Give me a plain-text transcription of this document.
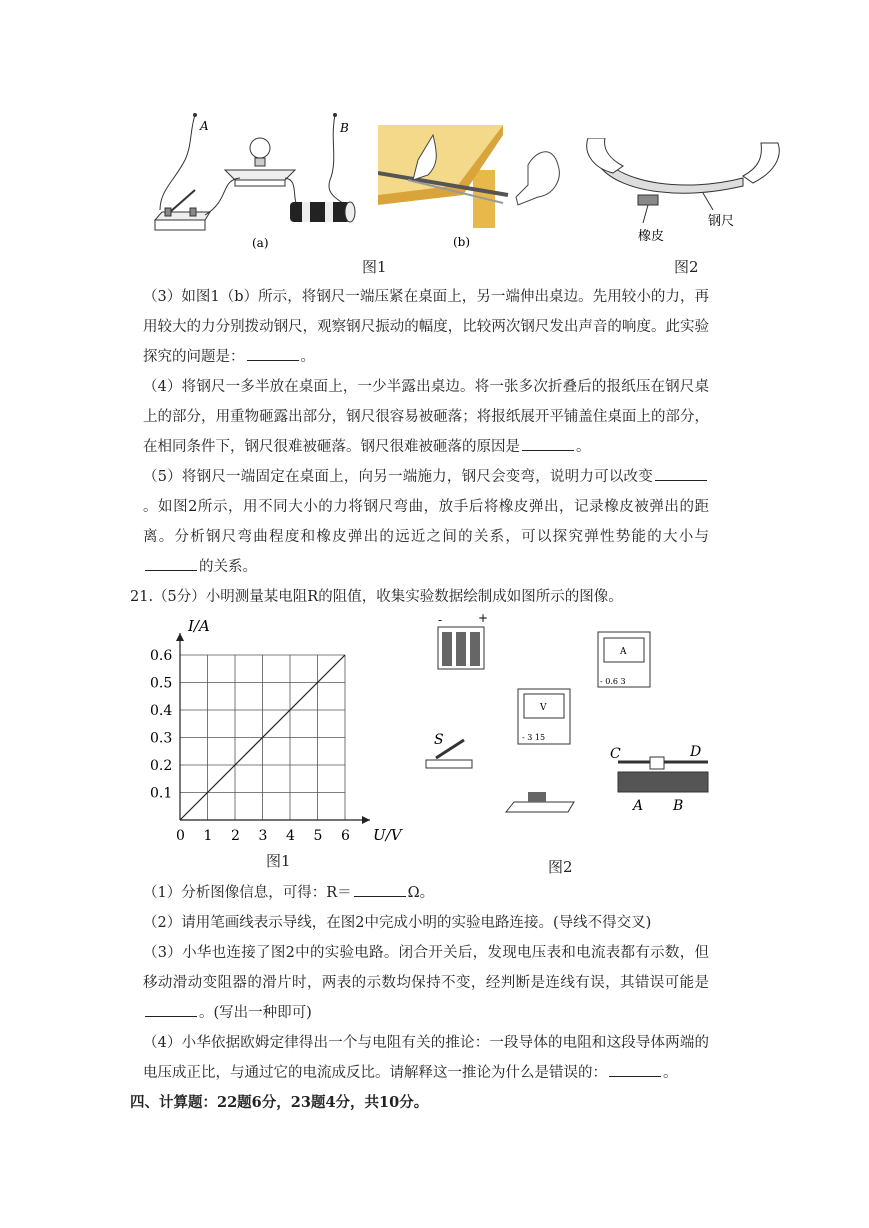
A	B
(a)	(b)
图1
橡皮
钢尺
图2
（3）如图1（b）所示，将钢尺一端压紧在桌面上，另一端伸出桌边。先用较小的力，再用较大的力分别拨动钢尺，观察钢尺振动的幅度，比较两次钢尺发出声音的响度。此实验探究的问题是：	。
（4）将钢尺一多半放在桌面上，一少半露出桌边。将一张多次折叠后的报纸压在钢尺桌上的部分，用重物砸露出部分，钢尺很容易被砸落；将报纸展开平铺盖住桌面上的部分，在相同条件下，钢尺很难被砸落。钢尺很难被砸落的原因是	。
（5）将钢尺一端固定在桌面上，向另一端施力，钢尺会变弯，说明力可以改变。如图2所示，用不同大小的力将钢尺弯曲，放手后将橡皮弹出，记录橡皮被弹出的距离。分析钢尺弯曲程度和橡皮弹出的远近之间的关系，可以探究弹性势能的大小与的关系。
21.（5分）小明测量某电阻R的阻值，收集实验数据绘制成如图所示的图像。
0 1 2 3 4 5 6
0.1
0.2
0.3
0.4
0.5
0.6
U/V
I/A
图1
-	+
A
- 0.6 3
V
- 3 15
S
C	D
A B
图2
（1）分析图像信息，可得：R＝	Ω。
（2）请用笔画线表示导线，在图2中完成小明的实验电路连接。(导线不得交叉)
（3）小华也连接了图2中的实验电路。闭合开关后，发现电压表和电流表都有示数，但移动滑动变阻器的滑片时，两表的示数均保持不变，经判断是连线有误，其错误可能是。(写出一种即可)
（4）小华依据欧姆定律得出一个与电阻有关的推论：一段导体的电阻和这段导体两端的电压成正比，与通过它的电流成反比。请解释这一推论为什么是错误的：	。
四、计算题：22题6分，23题4分，共10分。
